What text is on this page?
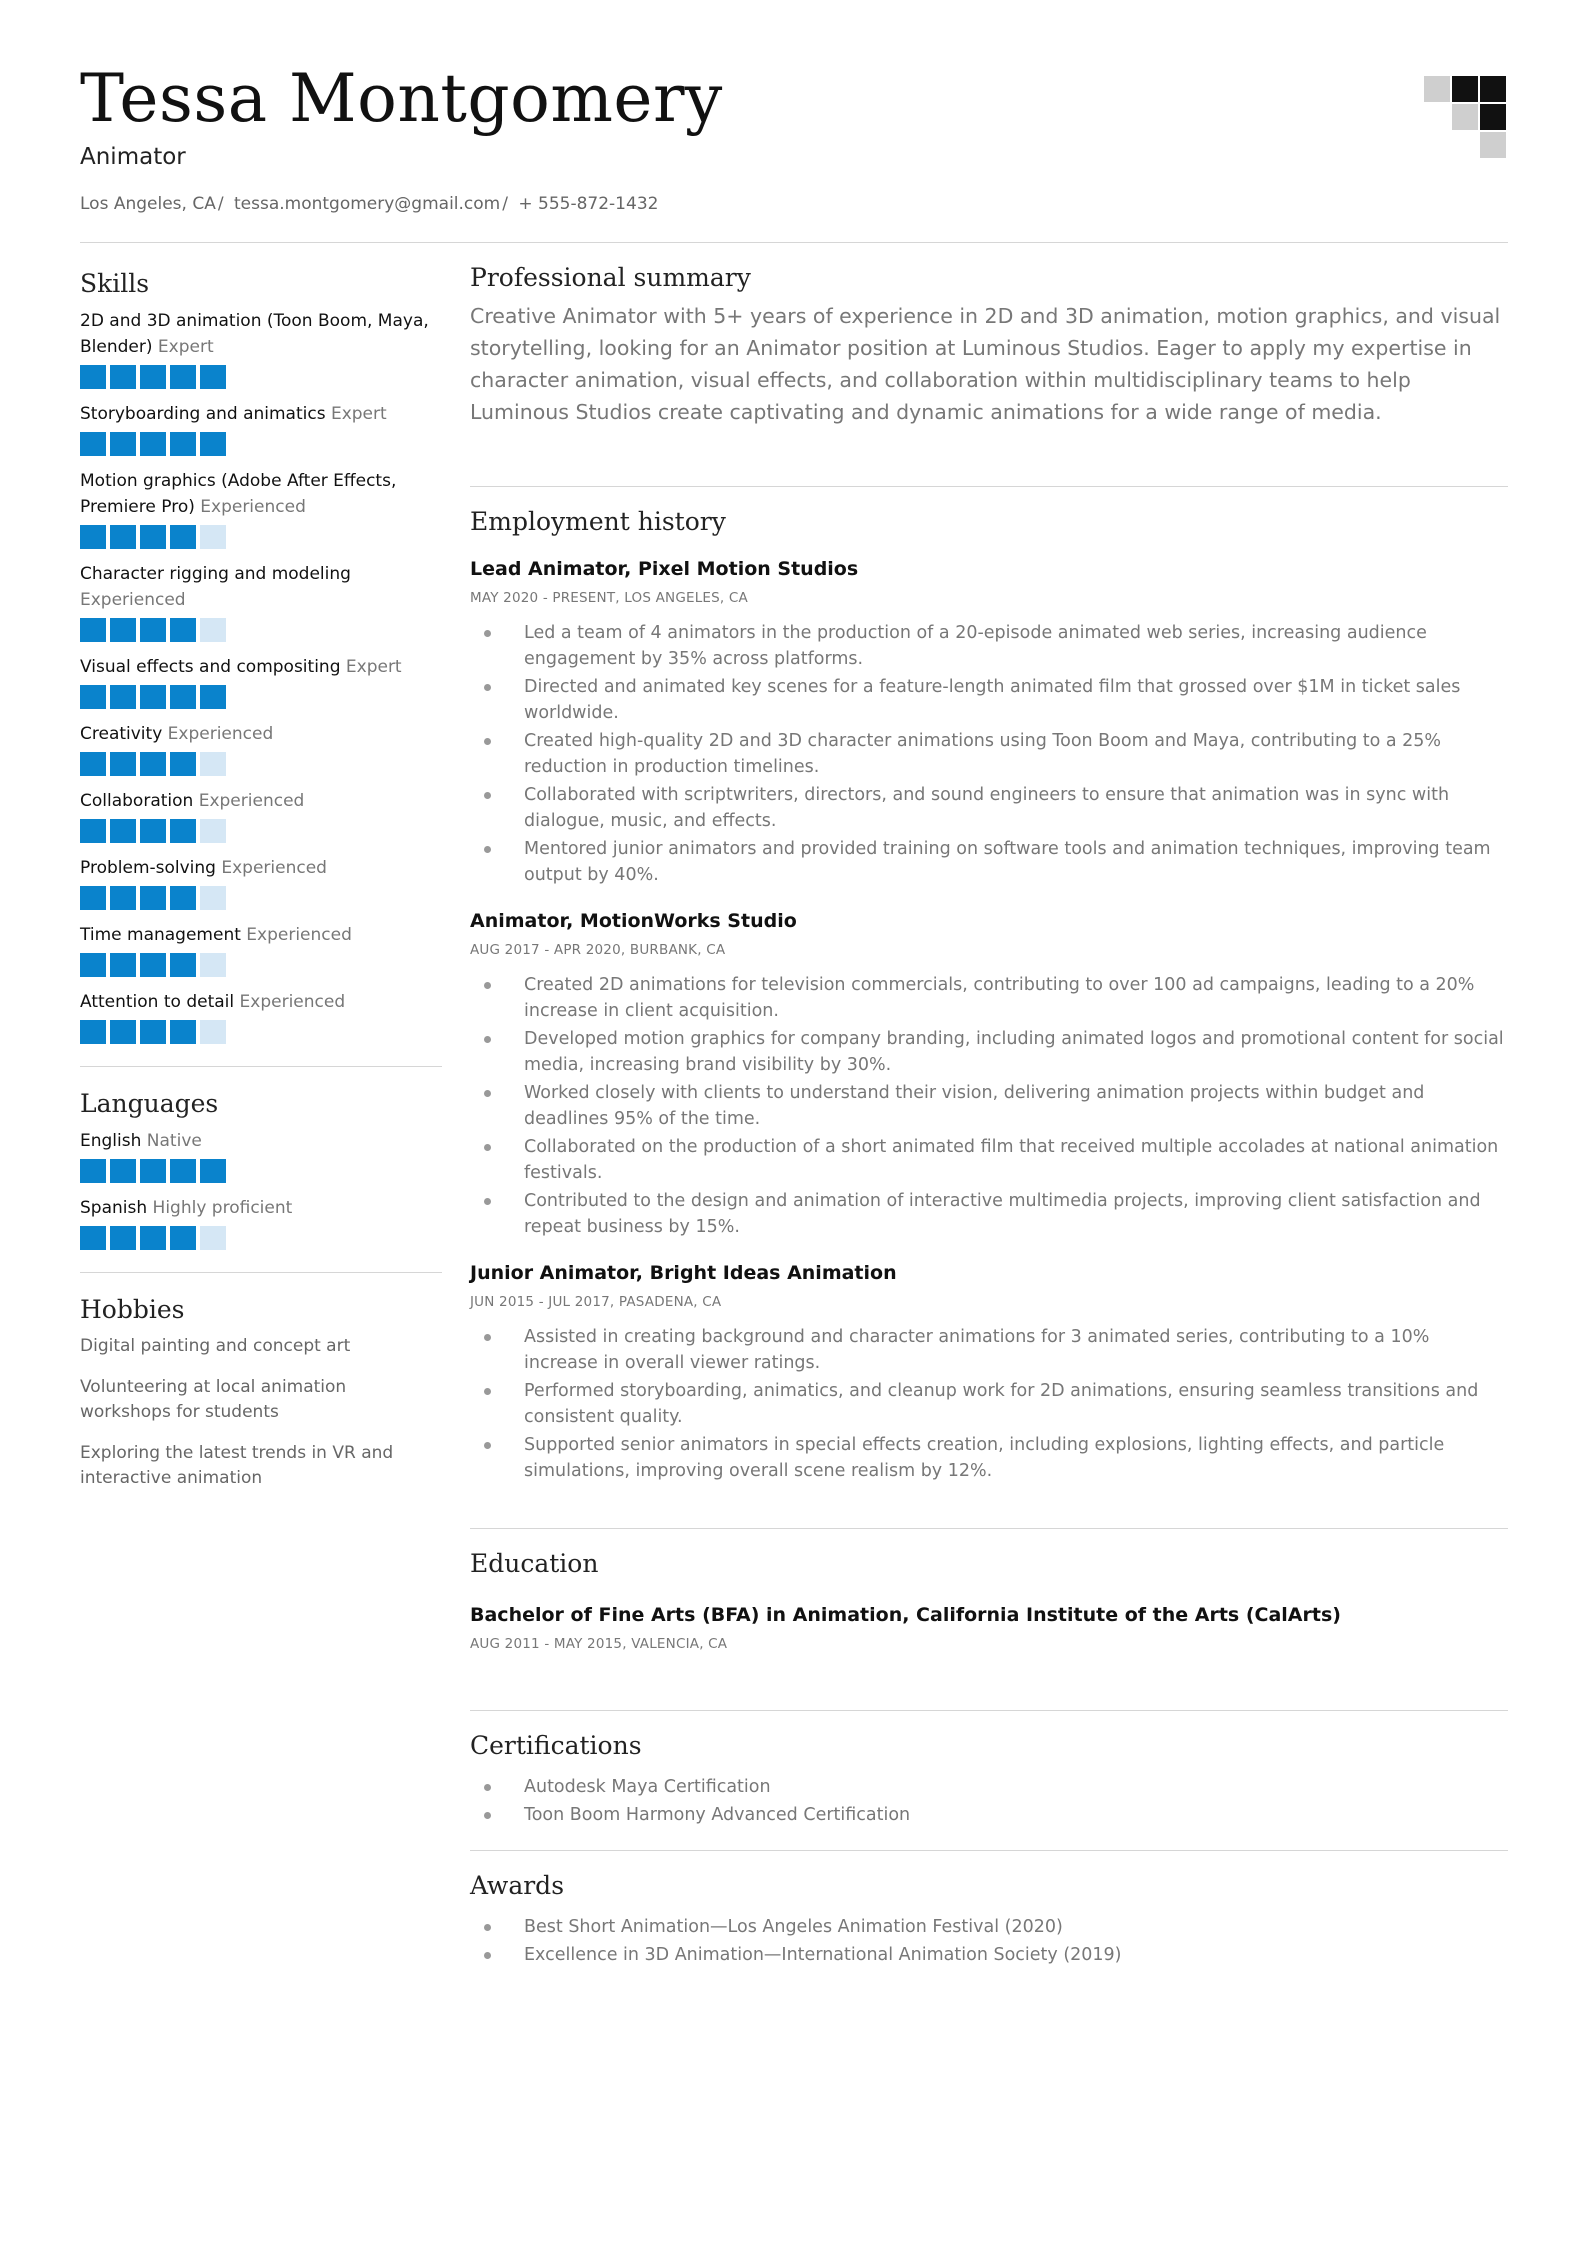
Tessa Montgomery
Animator
Los Angeles, CA / tessa.montgomery@gmail.com / + 555-872-1432
Skills
2D and 3D animation (Toon Boom, Maya, Blender) Expert
Storyboarding and animatics Expert
Motion graphics (Adobe After Effects, Premiere Pro) Experienced
Character rigging and modeling Experienced
Visual effects and compositing Expert
Creativity Experienced
Collaboration Experienced
Problem-solving Experienced
Time management Experienced
Attention to detail Experienced
Languages
English Native
Spanish Highly proficient
Hobbies
Digital painting and concept art
Volunteering at local animation workshops for students
Exploring the latest trends in VR and interactive animation
Professional summary

Creative Animator with 5+ years of experience in 2D and 3D animation, motion graphics, and visual storytelling, looking for an Animator position at Luminous Studios. Eager to apply my expertise in character animation, visual effects, and collaboration within multidisciplinary teams to help Luminous Studios create captivating and dynamic animations for a wide range of media.

Employment history
Lead Animator, Pixel Motion Studios
MAY 2020 - PRESENT, LOS ANGELES, CA
Led a team of 4 animators in the production of a 20-episode animated web series, increasing audience engagement by 35% across platforms.
Directed and animated key scenes for a feature-length animated film that grossed over $1M in ticket sales worldwide.
Created high-quality 2D and 3D character animations using Toon Boom and Maya, contributing to a 25% reduction in production timelines.
Collaborated with scriptwriters, directors, and sound engineers to ensure that animation was in sync with dialogue, music, and effects.
Mentored junior animators and provided training on software tools and animation techniques, improving team output by 40%.
Animator, MotionWorks Studio
AUG 2017 - APR 2020, BURBANK, CA
Created 2D animations for television commercials, contributing to over 100 ad campaigns, leading to a 20% increase in client acquisition.
Developed motion graphics for company branding, including animated logos and promotional content for social media, increasing brand visibility by 30%.
Worked closely with clients to understand their vision, delivering animation projects within budget and deadlines 95% of the time.
Collaborated on the production of a short animated film that received multiple accolades at national animation festivals.
Contributed to the design and animation of interactive multimedia projects, improving client satisfaction and repeat business by 15%.
Junior Animator, Bright Ideas Animation
JUN 2015 - JUL 2017, PASADENA, CA
Assisted in creating background and character animations for 3 animated series, contributing to a 10% increase in overall viewer ratings.
Performed storyboarding, animatics, and cleanup work for 2D animations, ensuring seamless transitions and consistent quality.
Supported senior animators in special effects creation, including explosions, lighting effects, and particle simulations, improving overall scene realism by 12%.
Education
Bachelor of Fine Arts (BFA) in Animation, California Institute of the Arts (CalArts)
AUG 2011 - MAY 2015, VALENCIA, CA
Certifications
Autodesk Maya Certification
Toon Boom Harmony Advanced Certification
Awards
Best Short Animation—Los Angeles Animation Festival (2020)
Excellence in 3D Animation—International Animation Society (2019)
